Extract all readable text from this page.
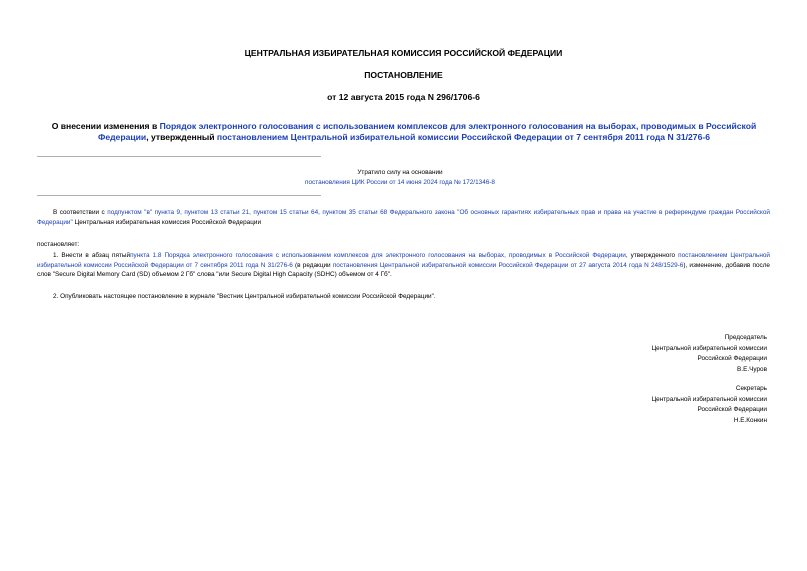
ЦЕНТРАЛЬНАЯ ИЗБИРАТЕЛЬНАЯ КОМИССИЯ РОССИЙСКОЙ ФЕДЕРАЦИИ
ПОСТАНОВЛЕНИЕ
от 12 августа 2015 года N 296/1706-6
О внесении изменения в Порядок электронного голосования с использованием комплексов для электронного голосования на выборах, проводимых в Российской Федерации, утвержденный постановлением Центральной избирательной комиссии Российской Федерации от 7 сентября 2011 года N 31/276-6
Утратило силу на основании
постановления ЦИК России от 14 июня 2024 года № 172/1346-8
В соответствии с подпунктом "в" пункта 9, пунктом 13 статьи 21, пунктом 15 статьи 64, пунктом 35 статьи 68 Федерального закона "Об основных гарантиях избирательных прав и права на участие в референдуме граждан Российской Федерации" Центральная избирательная комиссия Российской Федерации
постановляет:
1. Внести в абзац пятыйпункта 1.8 Порядка электронного голосования с использованием комплексов для электронного голосования на выборах, проводимых в Российской Федерации, утвержденного постановлением Центральной избирательной комиссии Российской Федерации от 7 сентября 2011 года N 31/276-6 (в редакции постановления Центральной избирательной комиссии Российской Федерации от 27 августа 2014 года N 248/1529-6), изменение, добавив после слов "Secure Digital Memory Card (SD) объемом 2 Гб" слова "или Secure Digital High Capacity (SDHC) объемом от 4 Гб".
2. Опубликовать настоящее постановление в журнале "Вестник Центральной избирательной комиссии Российской Федерации".
Председатель
Центральной избирательной комиссии
Российской Федерации
В.Е.Чуров
Секретарь
Центральной избирательной комиссии
Российской Федерации
Н.Е.Конкин
